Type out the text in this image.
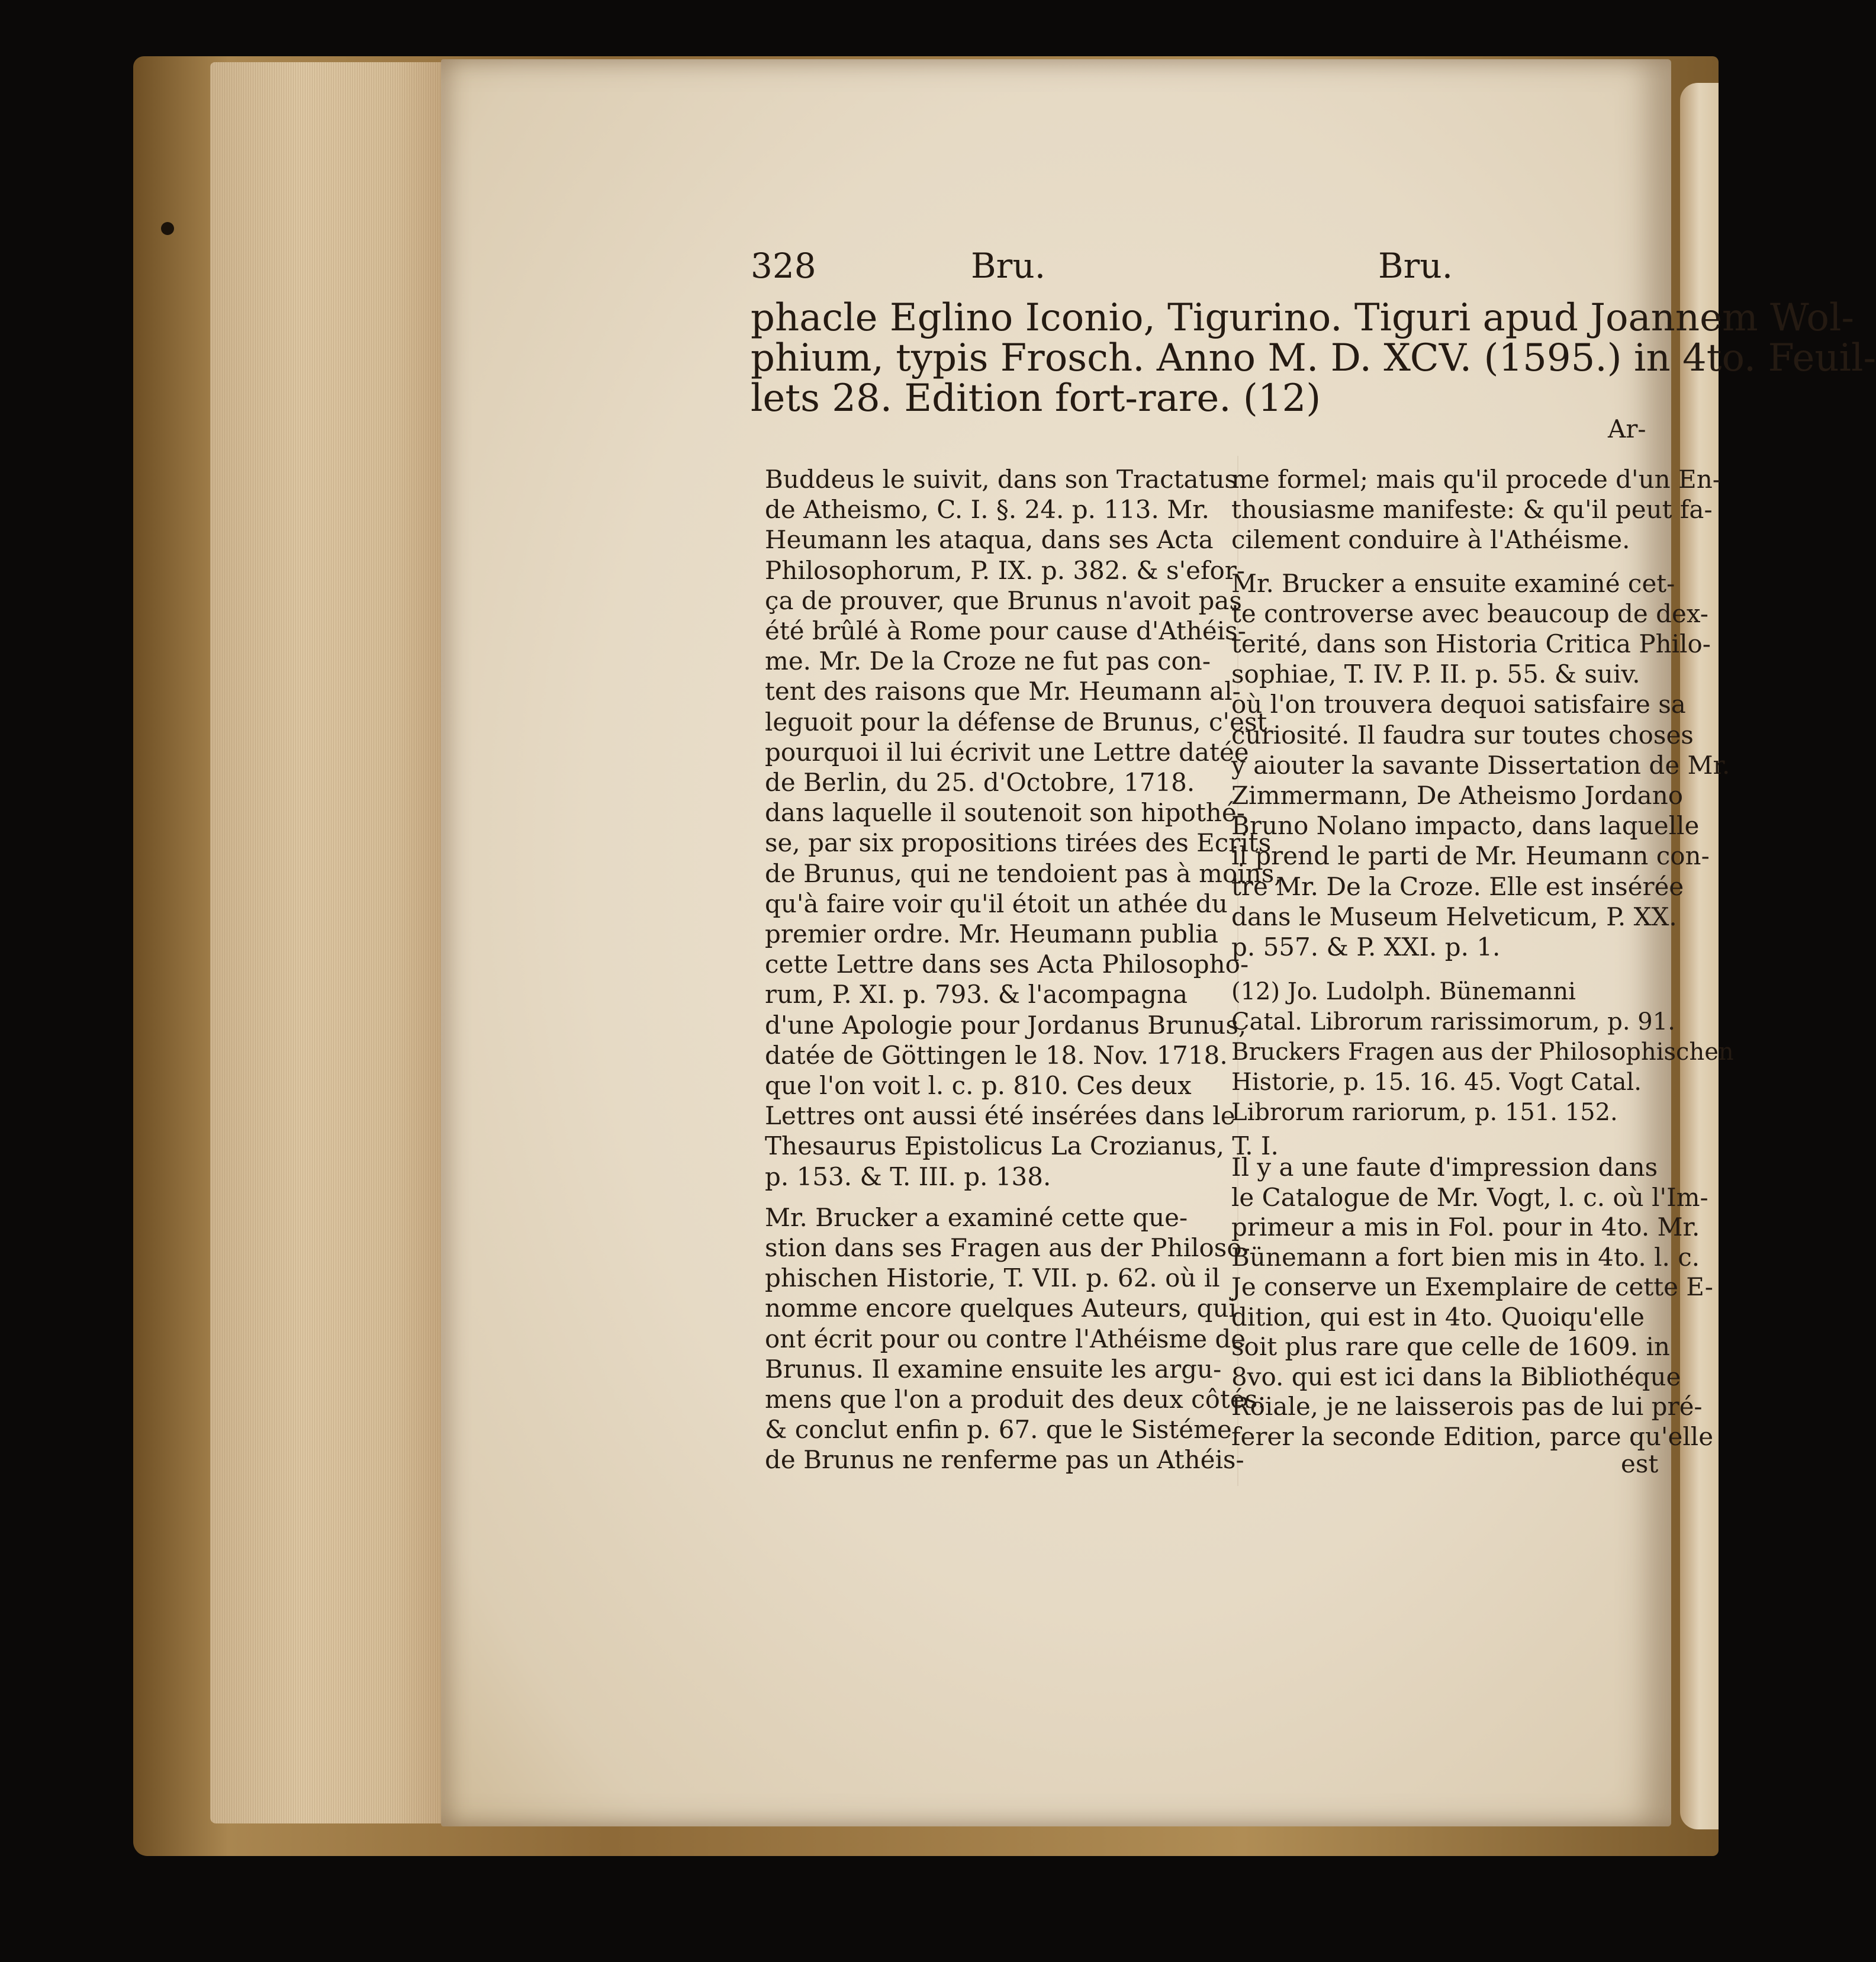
328	Bru.	Bru.
phacle Eglino Iconio, Tigurino. Tiguri apud Joannem Wol-
phium, typis Frosch. Anno M. D. XCV. (1595.) in 4to. Feuil-
lets 28. Edition fort-rare. (12)
Ar-
Buddeus le suivit, dans son Tractatus
de Atheismo, C. I. §. 24. p. 113. Mr.
Heumann les ataqua, dans ses Acta
Philosophorum, P. IX. p. 382. & s'efor-
ça de prouver, que Brunus n'avoit pas
été brûlé à Rome pour cause d'Athéis-
me. Mr. De la Croze ne fut pas con-
tent des raisons que Mr. Heumann al-
leguoit pour la défense de Brunus, c'est
pourquoi il lui écrivit une Lettre datée
de Berlin, du 25. d'Octobre, 1718.
dans laquelle il soutenoit son hipothé-
se, par six propositions tirées des Ecrits
de Brunus, qui ne tendoient pas à moins,
qu'à faire voir qu'il étoit un athée du
premier ordre. Mr. Heumann publia
cette Lettre dans ses Acta Philosopho-
rum, P. XI. p. 793. & l'acompagna
d'une Apologie pour Jordanus Brunus,
datée de Göttingen le 18. Nov. 1718.
que l'on voit l. c. p. 810. Ces deux
Lettres ont aussi été insérées dans le
Thesaurus Epistolicus La Crozianus, T. I.
p. 153. & T. III. p. 138.
Mr. Brucker a examiné cette que-
stion dans ses Fragen aus der Philoso-
phischen Historie, T. VII. p. 62. où il
nomme encore quelques Auteurs, qui
ont écrit pour ou contre l'Athéisme de
Brunus. Il examine ensuite les argu-
mens que l'on a produit des deux côtés:
& conclut enfin p. 67. que le Sistéme
de Brunus ne renferme pas un Athéis-
me formel; mais qu'il procede d'un En-
thousiasme manifeste: & qu'il peut fa-
cilement conduire à l'Athéisme.
Mr. Brucker a ensuite examiné cet-
te controverse avec beaucoup de dex-
terité, dans son Historia Critica Philo-
sophiae, T. IV. P. II. p. 55. & suiv.
où l'on trouvera dequoi satisfaire sa
curiosité. Il faudra sur toutes choses
y aiouter la savante Dissertation de Mr.
Zimmermann, De Atheismo Jordano
Bruno Nolano impacto, dans laquelle
il prend le parti de Mr. Heumann con-
tre Mr. De la Croze. Elle est insérée
dans le Museum Helveticum, P. XX.
p. 557. & P. XXI. p. 1.
(12) Jo. Ludolph. Bünemanni
Catal. Librorum rarissimorum, p. 91.
Bruckers Fragen aus der Philosophischen
Historie, p. 15. 16. 45. Vogt Catal.
Librorum rariorum, p. 151. 152.
Il y a une faute d'impression dans
le Catalogue de Mr. Vogt, l. c. où l'Im-
primeur a mis in Fol. pour in 4to. Mr.
Bünemann a fort bien mis in 4to. l. c.
Je conserve un Exemplaire de cette E-
dition, qui est in 4to. Quoiqu'elle
soit plus rare que celle de 1609. in
8vo. qui est ici dans la Bibliothéque
Roiale, je ne laisserois pas de lui pré-
ferer la seconde Edition, parce qu'elle
est
